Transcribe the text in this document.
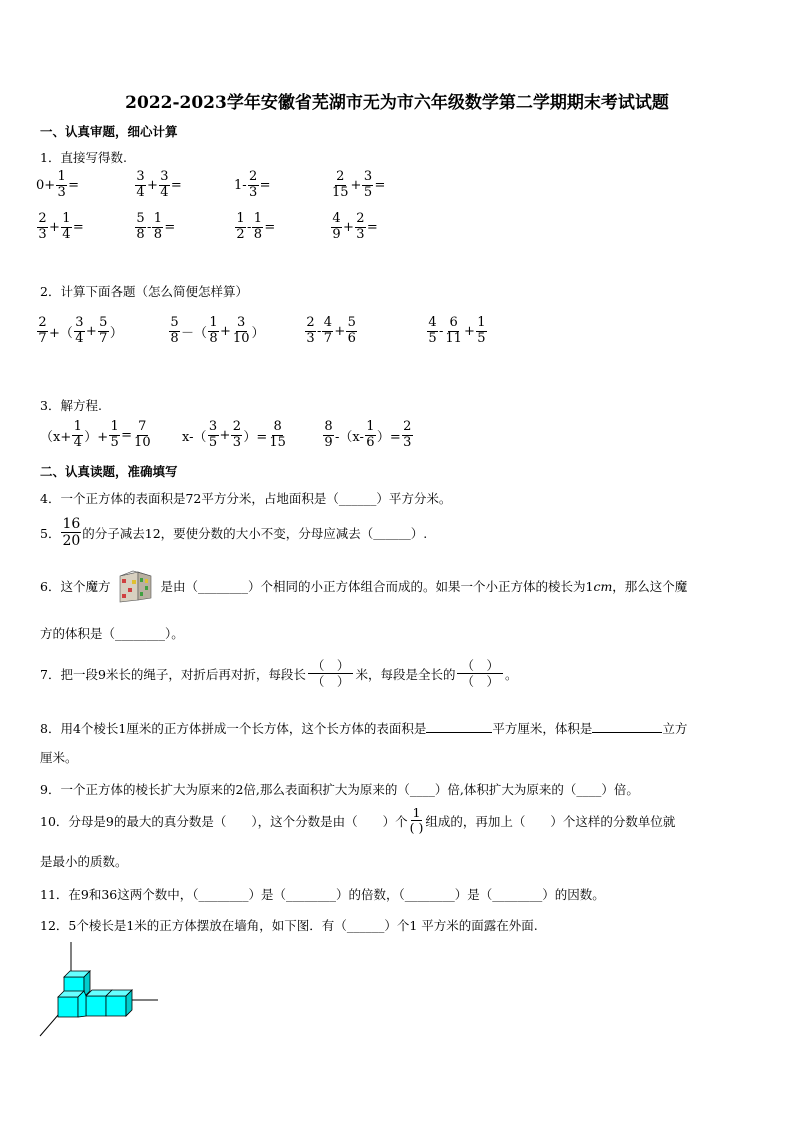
2022-2023学年安徽省芜湖市无为市六年级数学第二学期期末考试试题
一、认真审题，细心计算
1．直接写得数.
$0+ \frac{1}{3}$ =	$\frac{3}{4} + \frac{3}{4}$ =	$1- \frac{2}{3}$ =	$\frac{2}{15} + \frac{3}{5}$ =
$\frac{2}{3} + \frac{1}{4}$ =	$\frac{5}{8} - \frac{1}{8}$ =	$\frac{1}{2} - \frac{1}{8}$ =	$\frac{4}{9} + \frac{2}{3}$ =
2．计算下面各题（怎么简便怎样算）
$\frac{2}{7}$ +（ $\frac{3}{4} + \frac{5}{7}$ ）	$\frac{5}{8}$ －（ $\frac{1}{8} + \frac{3}{10}$ ）	$\frac{2}{3} - \frac{4}{7} + \frac{5}{6}$	$\frac{4}{5} - \frac{6}{11} + \frac{1}{5}$
3．解方程.
（$x+ \frac{1}{4}$ ）+ $\frac{1}{5} = \frac{7}{10} x-( \frac{3}{5} + \frac{2}{3}$ ）= $\frac{8}{15}$	$\frac{8}{9} -(x- \frac{1}{6}$ ）= $\frac{2}{3}$
二、认真读题，准确填写
4．一个正方体的表面积是72平方分米，占地面积是（______）平方分米。
5． $\frac{16}{20}$ 的分子减去12，要使分数的大小不变，分母应减去（ ______ ）.
6．这个魔方	是由（ ________ ）个相同的小正方体组合而成的。如果一个小正方体的棱长为1 cm ，那么这个魔
方的体积是（________）。
7．把一段9米长的绳子，对折后再对折，每段长
（　）
（　） 米，每段是全长的
（　）
（　） 。
8．用4个棱长1厘米的正方体拼成一个长方体，这个长方体的表面积是	平方厘米，体积是	立方
厘米。
9．一个正方体的棱长扩大为原来的2倍,那么表面积扩大为原来的（____）倍,体积扩大为原来的（____）倍。
10．分母是9的最大的真分数是（　　），这个分数是由（　　）个 $\frac{1}{( )}$ 组成的，再加上（　　）个这样的分数单位就
是最小的质数。
11．在9和36这两个数中，（________）是（________）的倍数，（________）是（________）的因数。
12．5个棱长是1米的正方体摆放在墙角，如下图．有（______）个1 平方米的面露在外面.
